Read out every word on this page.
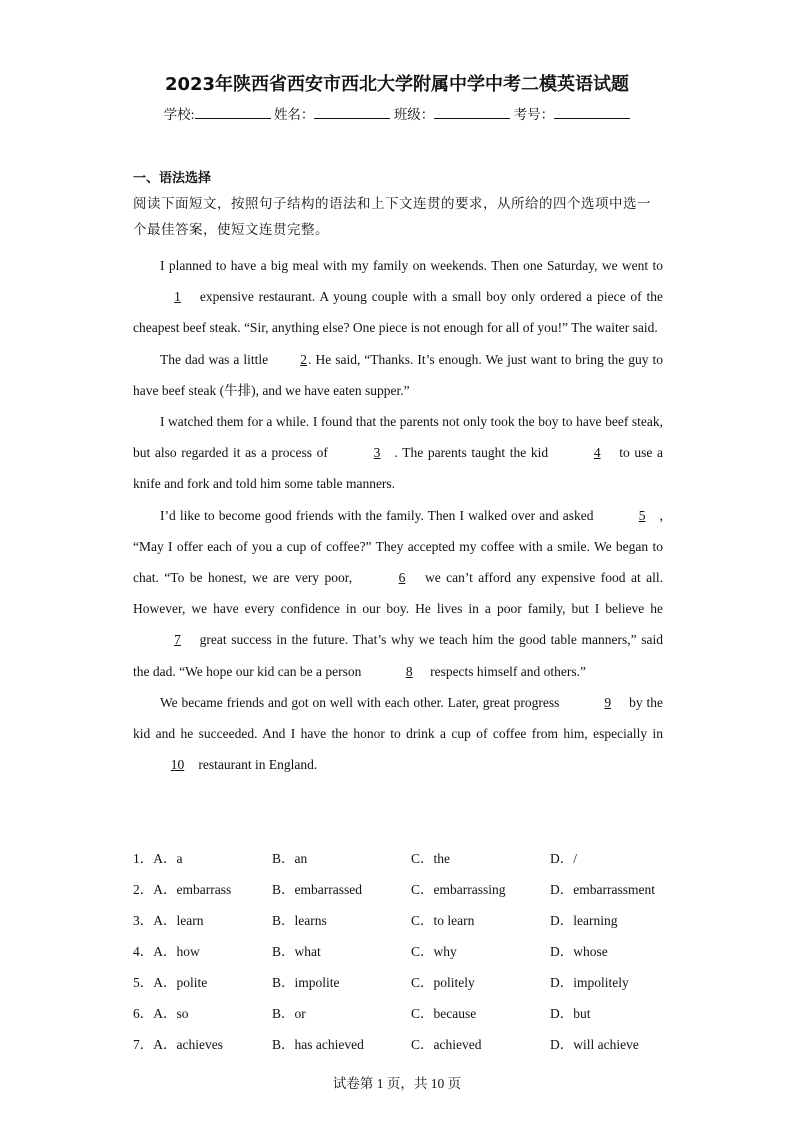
2023年陕西省西安市西北大学附属中学中考二模英语试题
学校:	姓名：	班级：	考号：
一、语法选择
阅读下面短文，按照句子结构的语法和上下文连贯的要求，从所给的四个选项中选一个最佳答案，使短文连贯完整。

I planned to have a big meal with my family on weekends. Then one Saturday, we went to 1 expensive restaurant. A young couple with a small boy only ordered a piece of the cheapest beef steak. “Sir, anything else? One piece is not enough for all of you!” The waiter said.

The dad was a little 2. He said, “Thanks. It’s enough. We just want to bring the guy to have beef steak (牛排), and we have eaten supper.”

I watched them for a while. I found that the parents not only took the boy to have beef steak, but also regarded it as a process of	3 . The parents taught the kid	4 to use a knife and fork and told him some table manners.

I’d like to become good friends with the family. Then I walked over and asked	5 , “May I offer each of you a cup of coffee?” They accepted my coffee with a smile. We began to chat. “To be honest, we are very poor,	6 we can’t afford any expensive food at all. However, we have every confidence in our boy. He lives in a poor family, but I believe he 7 great success in the future. That’s why we teach him the good table manners,” said the dad. “We hope our kid can be a person	8 respects himself and others.”

We became friends and got on well with each other. Later, great progress	9 by the kid and he succeeded. And I have the honor to drink a cup of coffee from him, especially in 10 restaurant in England.

1．A．a	B．an	C．the	D．/
2．A．embarrass	B．embarrassed	C．embarrassing	D．embarrassment
3．A．learn	B．learns	C．to learn	D．learning
4．A．how	B．what	C．why	D．whose
5．A．polite	B．impolite	C．politely	D．impolitely
6．A．so	B．or	C．because	D．but
7．A．achieves	B．has achieved	C．achieved	D．will achieve
试卷第 1 页，共 10 页
